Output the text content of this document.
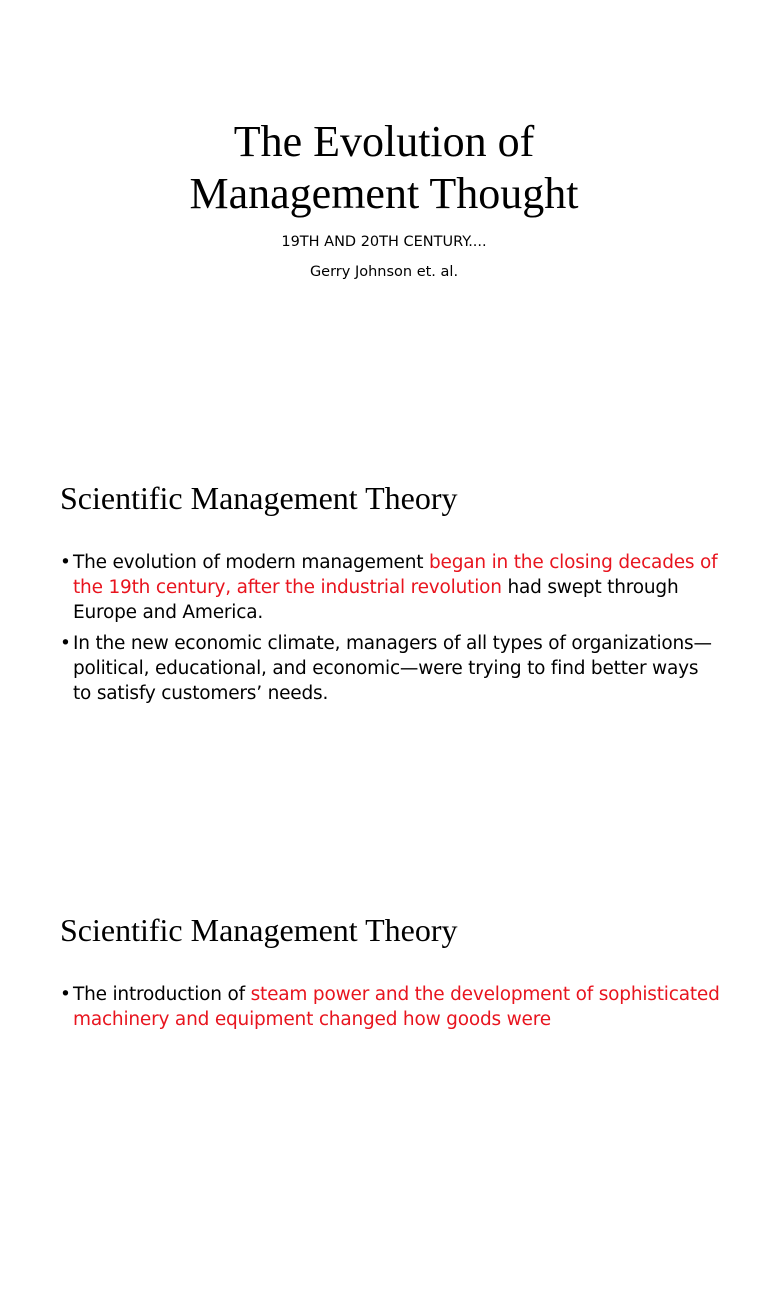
The Evolution of
Management Thought
19TH AND 20TH CENTURY....
Gerry Johnson et. al.
Scientific Management Theory
• The evolution of modern management began in the closing decades of the 19th century, after the industrial revolution had swept through Europe and America.
• In the new economic climate, managers of all types of organizations—political, educational, and economic—were trying to find better ways to satisfy customers’ needs.
Scientific Management Theory
• The introduction of steam power and the development of sophisticated machinery and equipment changed how goods were
